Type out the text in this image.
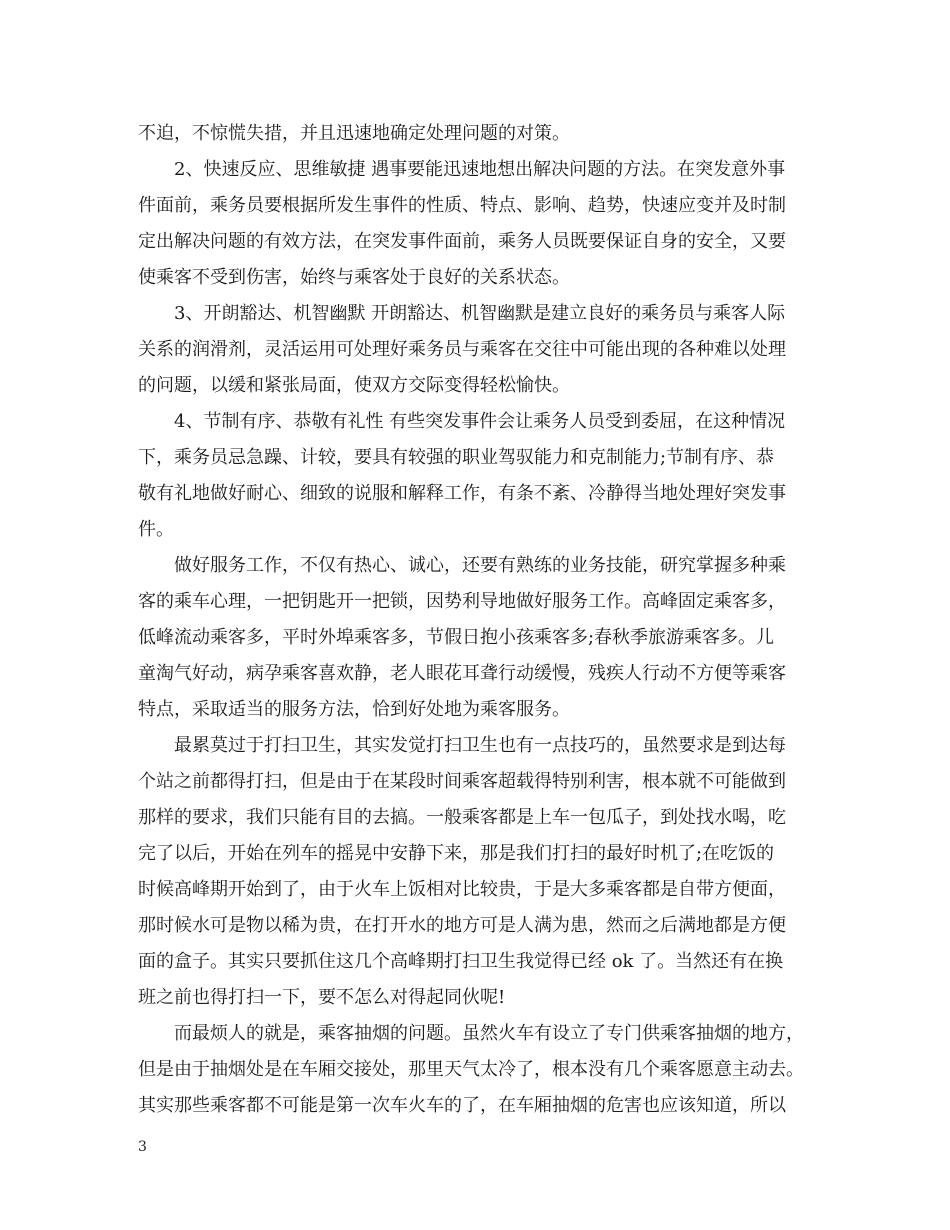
不迫，不惊慌失措，并且迅速地确定处理问题的对策。
2、快速反应、思维敏捷 遇事要能迅速地想出解决问题的方法。在突发意外事
件面前，乘务员要根据所发生事件的性质、特点、影响、趋势，快速应变并及时制
定出解决问题的有效方法，在突发事件面前，乘务人员既要保证自身的安全，又要
使乘客不受到伤害，始终与乘客处于良好的关系状态。
3、开朗豁达、机智幽默 开朗豁达、机智幽默是建立良好的乘务员与乘客人际
关系的润滑剂，灵活运用可处理好乘务员与乘客在交往中可能出现的各种难以处理
的问题，以缓和紧张局面，使双方交际变得轻松愉快。
4、节制有序、恭敬有礼性 有些突发事件会让乘务人员受到委屈，在这种情况
下，乘务员忌急躁、计较，要具有较强的职业驾驭能力和克制能力;节制有序、恭
敬有礼地做好耐心、细致的说服和解释工作，有条不紊、冷静得当地处理好突发事
件。
做好服务工作，不仅有热心、诚心，还要有熟练的业务技能，研究掌握多种乘
客的乘车心理，一把钥匙开一把锁，因势利导地做好服务工作。高峰固定乘客多，
低峰流动乘客多，平时外埠乘客多，节假日抱小孩乘客多;春秋季旅游乘客多。儿
童淘气好动，病孕乘客喜欢静，老人眼花耳聋行动缓慢，残疾人行动不方便等乘客
特点，采取适当的服务方法，恰到好处地为乘客服务。
最累莫过于打扫卫生，其实发觉打扫卫生也有一点技巧的，虽然要求是到达每
个站之前都得打扫，但是由于在某段时间乘客超载得特别利害，根本就不可能做到
那样的要求，我们只能有目的去搞。一般乘客都是上车一包瓜子，到处找水喝，吃
完了以后，开始在列车的摇晃中安静下来，那是我们打扫的最好时机了;在吃饭的
时候高峰期开始到了，由于火车上饭相对比较贵，于是大多乘客都是自带方便面，
那时候水可是物以稀为贵，在打开水的地方可是人满为患，然而之后满地都是方便
面的盒子。其实只要抓住这几个高峰期打扫卫生我觉得已经 ok 了。当然还有在换
班之前也得打扫一下，要不怎么对得起同伙呢!
而最烦人的就是，乘客抽烟的问题。虽然火车有设立了专门供乘客抽烟的地方，
但是由于抽烟处是在车厢交接处，那里天气太冷了，根本没有几个乘客愿意主动去。
其实那些乘客都不可能是第一次车火车的了，在车厢抽烟的危害也应该知道，所以
3
